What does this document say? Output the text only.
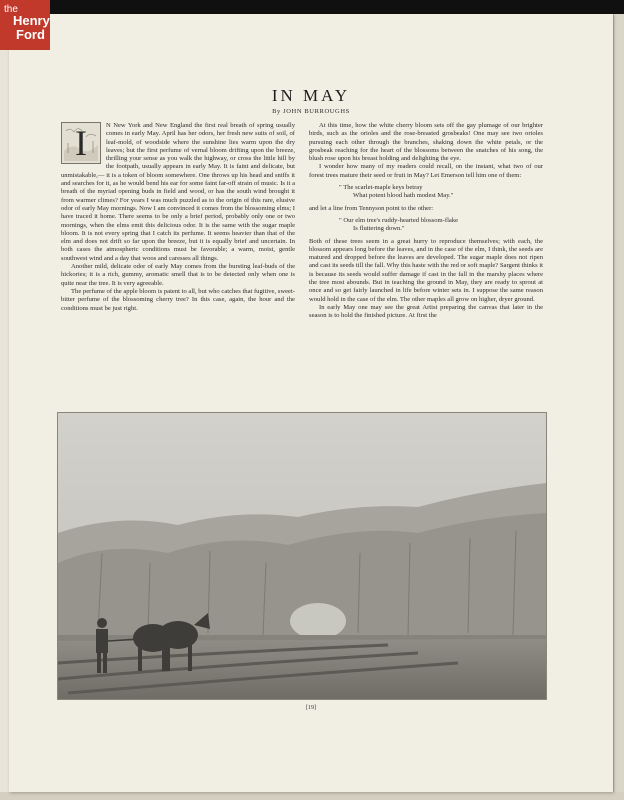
the
Henry
Ford
IN MAY
By JOHN BURROUGHS
I	N New York and New England the first real breath of spring usually comes in early May. April has her odors, her fresh new suits of soil, of leaf-mold, of woodside where the sunshine lies warm upon the dry leaves; but the first perfume of vernal bloom drifting upon the breeze, thrilling your sense as you walk the highway, or cross the little hill by the footpath, usually appears in early May. It is faint and delicate, but unmistakable,— it is a token of bloom somewhere. One throws up his head and sniffs it and searches for it, as he would bend his ear for some faint far-off strain of music. Is it a breath of the myriad opening buds in field and wood, or has the south wind brought it from warmer climes? For years I was much puzzled as to the origin of this rare, elusive odor of early May mornings. Now I am convinced it comes from the blossoming elms; I have traced it home. There seems to be only a brief period, probably only one or two mornings, when the elms emit this delicious odor. It is the same with the sugar maple bloom. It is not every spring that I catch its perfume. It seems heavier than that of the elm and does not drift so far upon the breeze, but it is equally brief and uncertain. In both cases the atmospheric conditions must be favorable; a warm, moist, gentle southwest wind and a day that woos and caresses all things.

Another mild, delicate odor of early May comes from the bursting leaf-buds of the hickories; it is a rich, gummy, aromatic smell that is to be detected only when one is quite near the tree. It is very agreeable.

The perfume of the apple bloom is patent to all, but who catches that fugitive, sweet-bitter perfume of the blossoming cherry tree? In this case, again, the hour and the conditions must be just right.

At this time, how the white cherry bloom sets off the gay plumage of our brighter birds, such as the orioles and the rose-breasted grosbeaks! One may see two orioles pursuing each other through the branches, shaking down the white petals, or the grosbeak reaching for the heart of the blossoms between the snatches of his song, the blush rose upon his breast holding and delighting the eye.

I wonder how many of my readers could recall, on the instant, what two of our forest trees mature their seed or fruit in May? Let Emerson tell him one of them:

" The scarlet-maple keys betray
What potent blood hath modest May."

and let a line from Tennyson point to the other:

" Our elm tree's ruddy-hearted blossom-flake
Is fluttering down."

Both of these trees seem in a great hurry to reproduce themselves; with each, the blossom appears long before the leaves, and in the case of the elm, I think, the seeds are matured and dropped before the leaves are developed. The sugar maple does not ripen and cast its seeds till the fall. Why this haste with the red or soft maple? Sargent thinks it is because its seeds would suffer damage if cast in the fall in the marshy places where the tree most abounds. But in teaching the ground in May, they are ready to sprout at once and so get fairly launched in life before winter sets in. I suppose the same reason would hold in the case of the elm. The other maples all grow on higher, dryer ground.

In early May one may see the great Artist preparing the canvas that later in the season is to hold the finished picture. At first the

[19]
